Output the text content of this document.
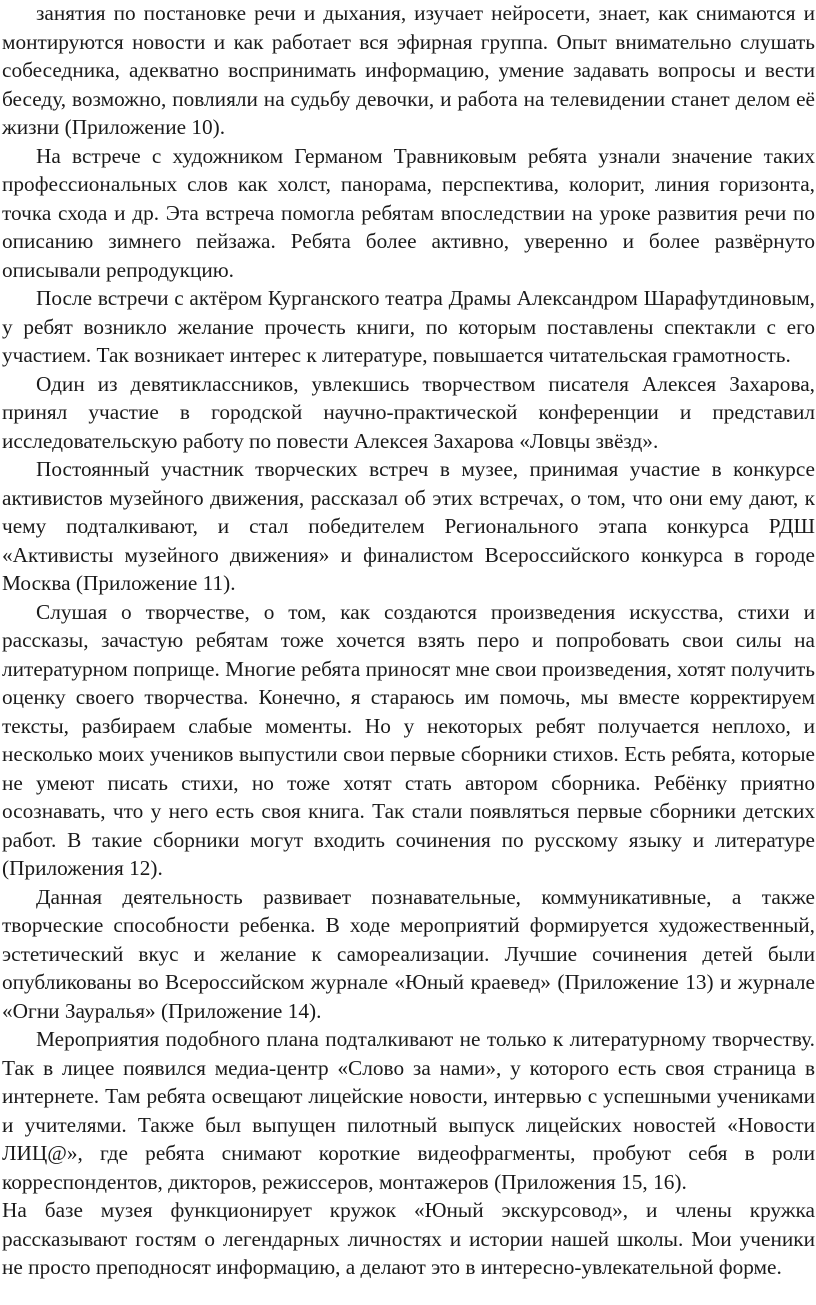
занятия по постановке речи и дыхания, изучает нейросети, знает, как снимаются и монтируются новости и как работает вся эфирная группа. Опыт внимательно слушать собеседника, адекватно воспринимать информацию, умение задавать вопросы и вести беседу, возможно, повлияли на судьбу девочки, и работа на телевидении станет делом её жизни (Приложение 10).

На встрече с художником Германом Травниковым ребята узнали значение таких профессиональных слов как холст, панорама, перспектива, колорит, линия горизонта, точка схода и др. Эта встреча помогла ребятам впоследствии на уроке развития речи по описанию зимнего пейзажа. Ребята более активно, уверенно и более развёрнуто описывали репродукцию.

После встречи с актёром Курганского театра Драмы Александром Шарафутдиновым, у ребят возникло желание прочесть книги, по которым поставлены спектакли с его участием. Так возникает интерес к литературе, повышается читательская грамотность.

Один из девятиклассников, увлекшись творчеством писателя Алексея Захарова, принял участие в городской научно-практической конференции и представил исследовательскую работу по повести Алексея Захарова «Ловцы звёзд».

Постоянный участник творческих встреч в музее, принимая участие в конкурсе активистов музейного движения, рассказал об этих встречах, о том, что они ему дают, к чему подталкивают, и стал победителем Регионального этапа конкурса РДШ «Активисты музейного движения» и финалистом Всероссийского конкурса в городе Москва (Приложение 11).

Слушая о творчестве, о том, как создаются произведения искусства, стихи и рассказы, зачастую ребятам тоже хочется взять перо и попробовать свои силы на литературном поприще. Многие ребята приносят мне свои произведения, хотят получить оценку своего творчества. Конечно, я стараюсь им помочь, мы вместе корректируем тексты, разбираем слабые моменты. Но у некоторых ребят получается неплохо, и несколько моих учеников выпустили свои первые сборники стихов. Есть ребята, которые не умеют писать стихи, но тоже хотят стать автором сборника. Ребёнку приятно осознавать, что у него есть своя книга. Так стали появляться первые сборники детских работ. В такие сборники могут входить сочинения по русскому языку и литературе (Приложения 12).

Данная деятельность развивает познавательные, коммуникативные, а также творческие способности ребенка. В ходе мероприятий формируется художественный, эстетический вкус и желание к самореализации. Лучшие сочинения детей были опубликованы во Всероссийском журнале «Юный краевед» (Приложение 13) и журнале «Огни Зауралья» (Приложение 14).

Мероприятия подобного плана подталкивают не только к литературному творчеству. Так в лицее появился медиа-центр «Слово за нами», у которого есть своя страница в интернете. Там ребята освещают лицейские новости, интервью с успешными учениками и учителями. Также был выпущен пилотный выпуск лицейских новостей «Новости ЛИЦ@», где ребята снимают короткие видеофрагменты, пробуют себя в роли корреспондентов, дикторов, режиссеров, монтажеров (Приложения 15, 16).

На базе музея функционирует кружок «Юный экскурсовод», и члены кружка рассказывают гостям о легендарных личностях и истории нашей школы. Мои ученики не просто преподносят информацию, а делают это в интересно-увлекательной форме.
